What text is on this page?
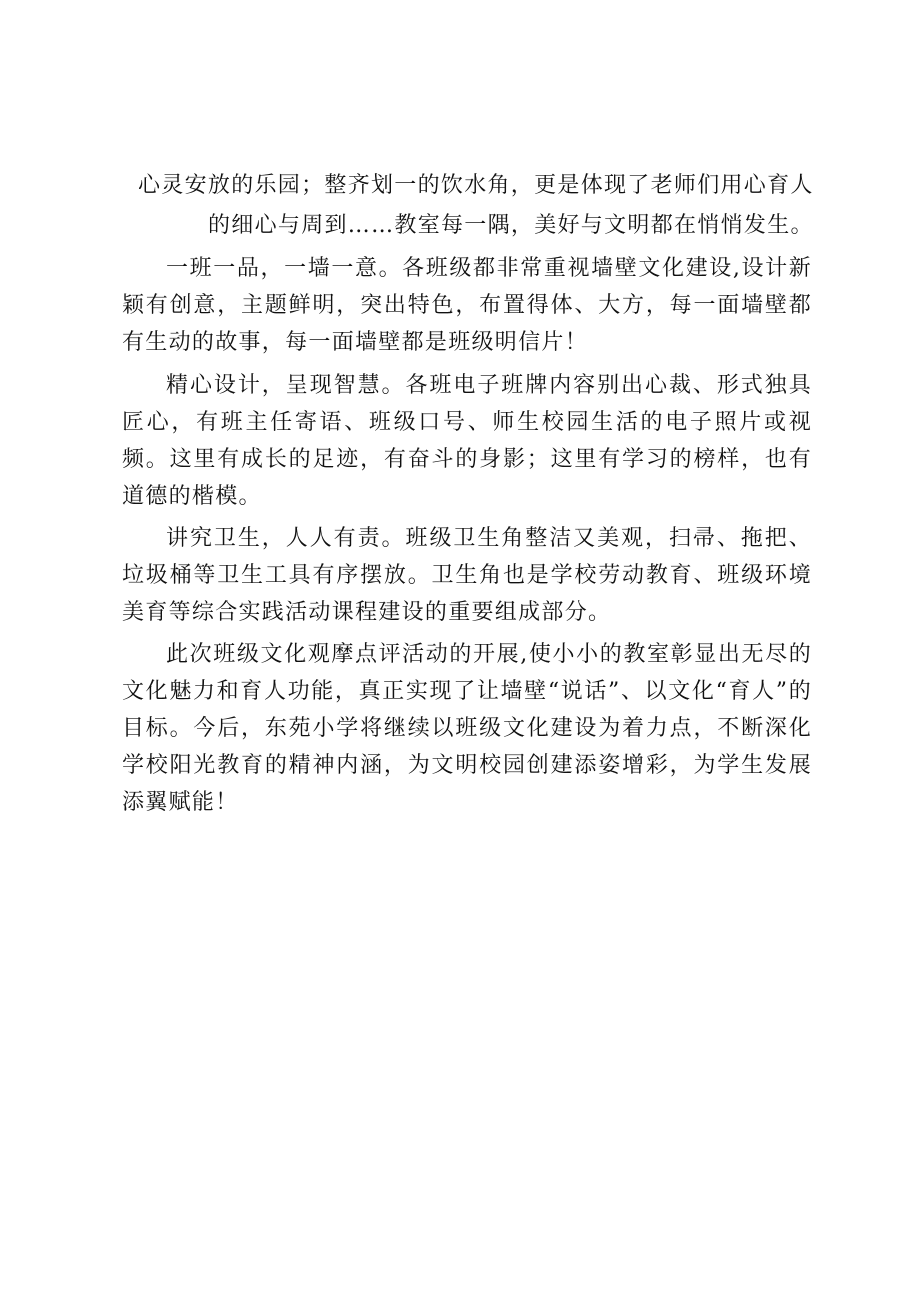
心灵安放的乐园；整齐划一的饮水角，更是体现了老师们用心育人
的细心与周到……教室每一隅，美好与文明都在悄悄发生。

一班一品，一墙一意。各班级都非常重视墙壁文化建设,设计新颖有创意，主题鲜明，突出特色，布置得体、大方，每一面墙壁都有生动的故事，每一面墙壁都是班级明信片！

精心设计，呈现智慧。各班电子班牌内容别出心裁、形式独具匠心，有班主任寄语、班级口号、师生校园生活的电子照片或视频。这里有成长的足迹，有奋斗的身影；这里有学习的榜样，也有道德的楷模。

讲究卫生，人人有责。班级卫生角整洁又美观，扫帚、拖把、垃圾桶等卫生工具有序摆放。卫生角也是学校劳动教育、班级环境美育等综合实践活动课程建设的重要组成部分。

此次班级文化观摩点评活动的开展,使小小的教室彰显出无尽的文化魅力和育人功能，真正实现了让墙壁“说话”、以文化“育人”的目标。今后，东苑小学将继续以班级文化建设为着力点，不断深化学校阳光教育的精神内涵，为文明校园创建添姿增彩，为学生发展添翼赋能！
